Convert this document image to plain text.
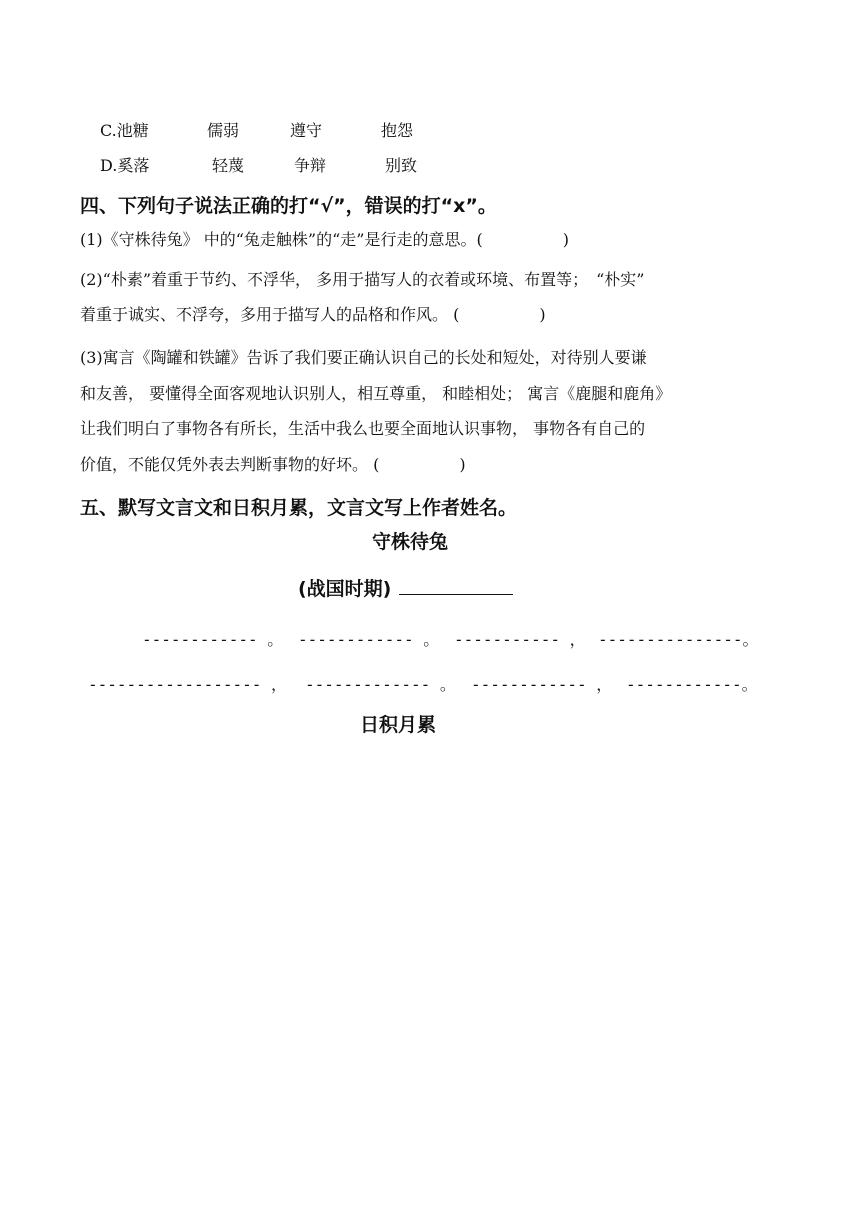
C.池糖	儒弱	遵守	抱怨
D.奚落	轻蔑	争辩	别致
四、下列句子说法正确的打“√”，错误的打“x”。
(1)《守株待兔》 中的“兔走触株”的“走”是行走的意思。(　　　　　)
(2)“朴素”着重于节约、不浮华， 多用于描写人的衣着或环境、布置等；　“朴实”
着重于诚实、不浮夸，多用于描写人的品格和作风。 (　　　　　)
(3)寓言《陶罐和铁罐》告诉了我们要正确认识自己的长处和短处，对待别人要谦
和友善， 要懂得全面客观地认识别人，相互尊重， 和睦相处； 寓言《鹿腿和鹿角》
让我们明白了事物各有所长，生活中我么也要全面地认识事物， 事物各有自己的
价值，不能仅凭外表去判断事物的好坏。 (　　　　　)
五、默写文言文和日积月累，文言文写上作者姓名。
守株待兔
(战国时期)
------------ 。 ------------ 。 ----------- ， ---------------。
------------------ ， ------------- 。 ------------ ， ------------。
日积月累
